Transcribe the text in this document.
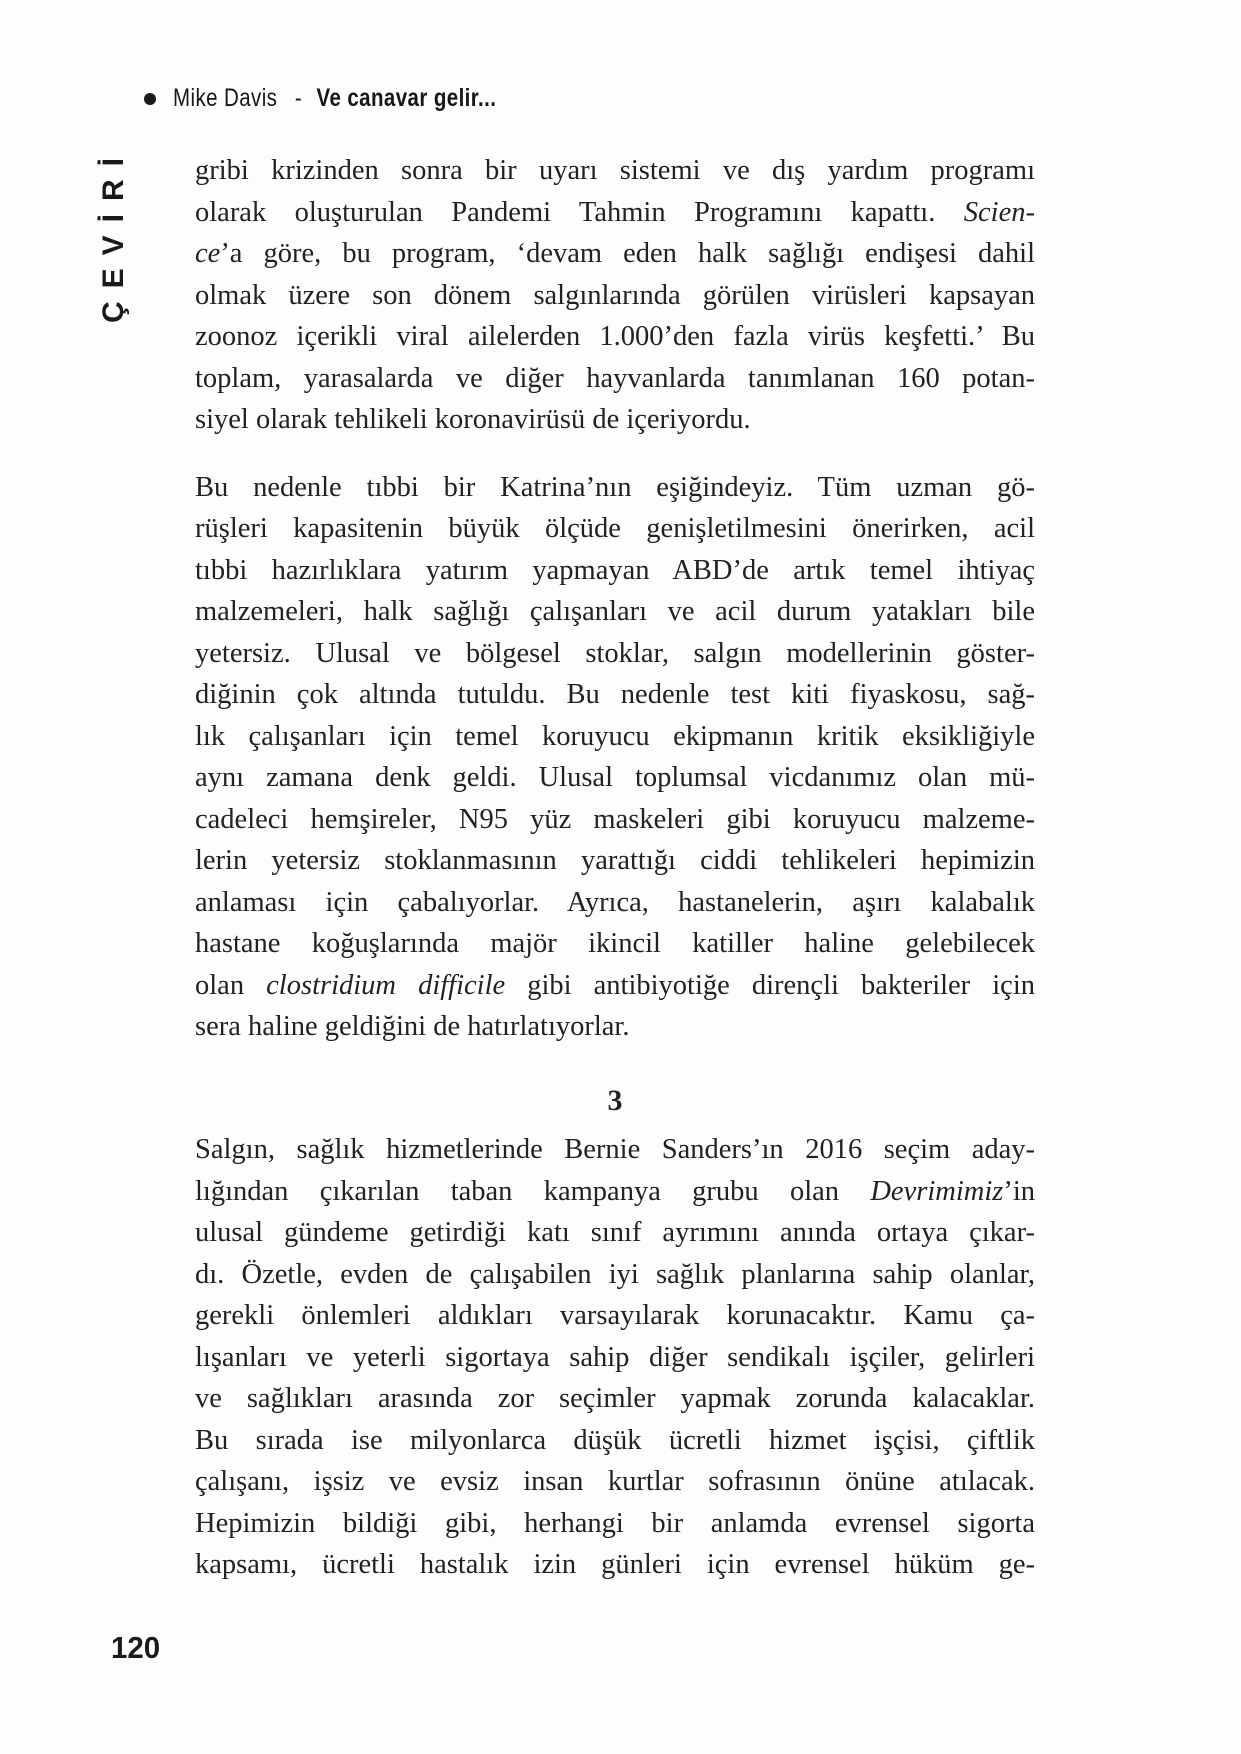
Mike Davis - Ve canavar gelir...
ÇEVİRİ gribi krizinden sonra bir uyarı sistemi ve dış yardım programı
olarak oluşturulan Pandemi Tahmin Programını kapattı. Scien-
ce’a göre, bu program, ‘devam eden halk sağlığı endişesi dahil
olmak üzere son dönem salgınlarında görülen virüsleri kapsayan
zoonoz içerikli viral ailelerden 1.000’den fazla virüs keşfetti.’ Bu
toplam, yarasalarda ve diğer hayvanlarda tanımlanan 160 potan-
siyel olarak tehlikeli koronavirüsü de içeriyordu.
Bu nedenle tıbbi bir Katrina’nın eşiğindeyiz. Tüm uzman gö-
rüşleri kapasitenin büyük ölçüde genişletilmesini önerirken, acil
tıbbi hazırlıklara yatırım yapmayan ABD’de artık temel ihtiyaç
malzemeleri, halk sağlığı çalışanları ve acil durum yatakları bile
yetersiz. Ulusal ve bölgesel stoklar, salgın modellerinin göster-
diğinin çok altında tutuldu. Bu nedenle test kiti fiyaskosu, sağ-
lık çalışanları için temel koruyucu ekipmanın kritik eksikliğiyle
aynı zamana denk geldi. Ulusal toplumsal vicdanımız olan mü-
cadeleci hemşireler, N95 yüz maskeleri gibi koruyucu malzeme-
lerin yetersiz stoklanmasının yarattığı ciddi tehlikeleri hepimizin
anlaması için çabalıyorlar. Ayrıca, hastanelerin, aşırı kalabalık
hastane koğuşlarında majör ikincil katiller haline gelebilecek
olan clostridium difficile gibi antibiyotiğe dirençli bakteriler için
sera haline geldiğini de hatırlatıyorlar.
3
Salgın, sağlık hizmetlerinde Bernie Sanders’ın 2016 seçim aday-
lığından çıkarılan taban kampanya grubu olan Devrimimiz’in
ulusal gündeme getirdiği katı sınıf ayrımını anında ortaya çıkar-
dı. Özetle, evden de çalışabilen iyi sağlık planlarına sahip olanlar,
gerekli önlemleri aldıkları varsayılarak korunacaktır. Kamu ça-
lışanları ve yeterli sigortaya sahip diğer sendikalı işçiler, gelirleri
ve sağlıkları arasında zor seçimler yapmak zorunda kalacaklar.
Bu sırada ise milyonlarca düşük ücretli hizmet işçisi, çiftlik
çalışanı, işsiz ve evsiz insan kurtlar sofrasının önüne atılacak.
Hepimizin bildiği gibi, herhangi bir anlamda evrensel sigorta
kapsamı, ücretli hastalık izin günleri için evrensel hüküm ge-
120
